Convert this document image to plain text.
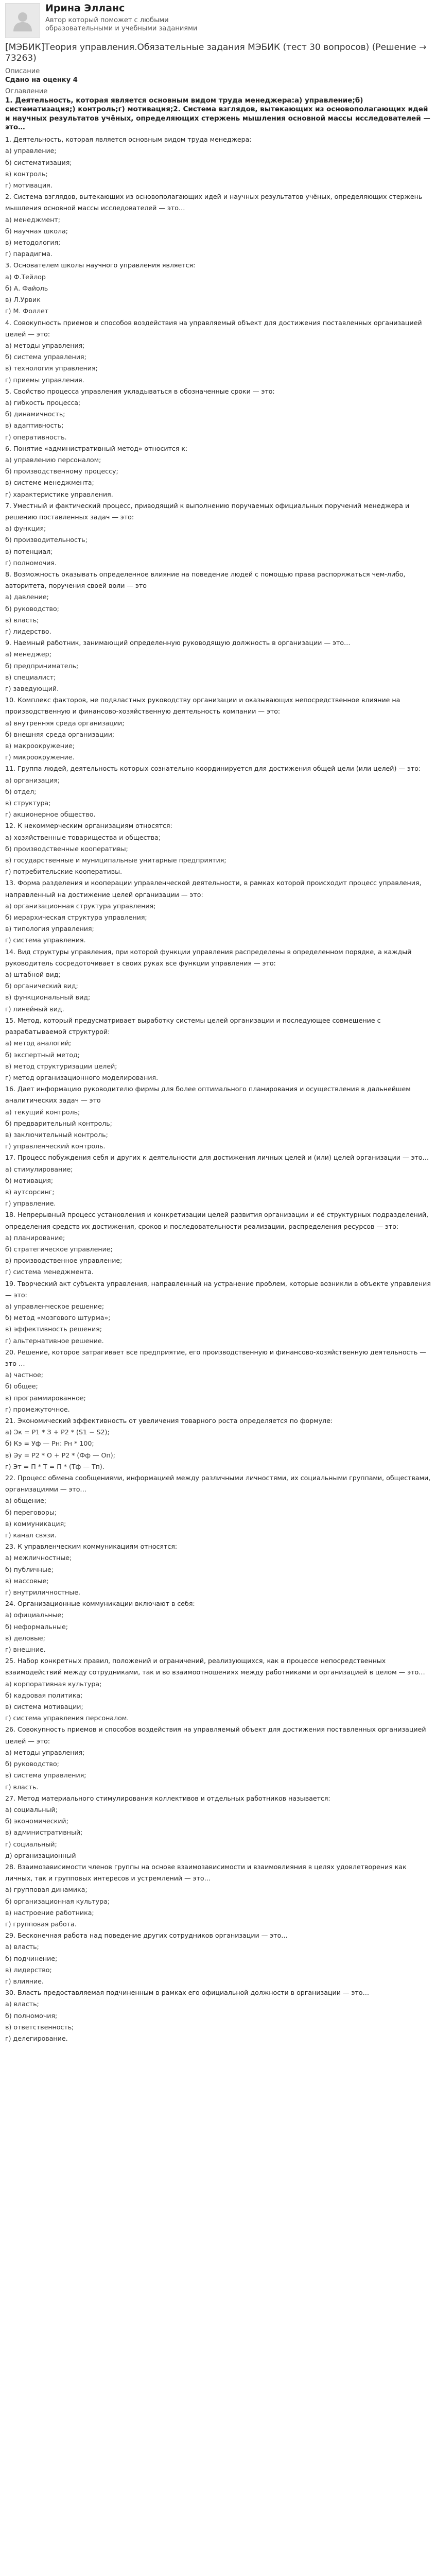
Ирина Элланс
Автор который поможет с любыми образовательными и учебными заданиями
[МЭБИК]Теория управления.Обязательные задания МЭБИК (тест 30 вопросов) (Решение → 73263)
Описание
Сдано на оценку 4
Оглавление
1. Деятельность, которая является основным видом труда менеджера:a) управление;б) систематизация;) контроль;г) мотивация;2. Система взглядов, вытекающих из основополагающих идей и научных результатов учёных, определяющих стержень мышления основной массы исследователей — это…
1. Деятельность, которая является основным видом труда менеджера:
а) управление;
б) систематизация;
в) контроль;
г) мотивация.
2. Система взглядов, вытекающих из основополагающих идей и научных результатов учёных, определяющих стержень мышления основной массы исследователей — это…
а) менеджмент;
б) научная школа;
в) методология;
г) парадигма.
3. Основателем школы научного управления является:
а) Ф.Тейлор
б) А. Файоль
в) Л.Урвик
г) М. Фоллет
4. Совокупность приемов и способов воздействия на управляемый объект для достижения поставленных организацией целей — это:
а) методы управления;
б) система управления;
в) технология управления;
г) приемы управления.
5. Свойство процесса управления укладываться в обозначенные сроки — это:
а) гибкость процесса;
б) динамичность;
в) адаптивность;
г) оперативность.
6. Понятие «административный метод» относится к:
а) управлению персоналом;
б) производственному процессу;
в) системе менеджмента;
г) характеристике управления.
7. Уместный и фактический процесс, приводящий к выполнению поручаемых официальных поручений менеджера и решению поставленных задач — это:
а) функция;
б) производительность;
в) потенциал;
г) полномочия.
8. Возможность оказывать определенное влияние на поведение людей с помощью права распоряжаться чем-либо, авторитета, поручения своей воли — это
а) давление;
б) руководство;
в) власть;
г) лидерство.
9. Наемный работник, занимающий определенную руководящую должность в организации — это…
а) менеджер;
б) предприниматель;
в) специалист;
г) заведующий.
10. Комплекс факторов, не подвластных руководству организации и оказывающих непосредственное влияние на производственную и финансово-хозяйственную деятельность компании — это:
а) внутренняя среда организации;
б) внешняя среда организации;
в) макроокружение;
г) микроокружение.
11. Группа людей, деятельность которых сознательно координируется для достижения общей цели (или целей) — это:
а) организация;
б) отдел;
в) структура;
г) акционерное общество.
12. К некоммерческим организациям относятся:
а) хозяйственные товарищества и общества;
б) производственные кооперативы;
в) государственные и муниципальные унитарные предприятия;
г) потребительские кооперативы.
13. Форма разделения и кооперации управленческой деятельности, в рамках которой происходит процесс управления, направленный на достижение целей организации — это:
а) организационная структура управления;
б) иерархическая структура управления;
в) типология управления;
г) система управления.
14. Вид структуры управления, при которой функции управления распределены в определенном порядке, а каждый руководитель сосредоточивает в своих руках все функции управления — это:
а) штабной вид;
б) органический вид;
в) функциональный вид;
г) линейный вид.
15. Метод, который предусматривает выработку системы целей организации и последующее совмещение с разрабатываемой структурой:
а) метод аналогий;
б) экспертный метод;
в) метод структуризации целей;
г) метод организационного моделирования.
16. Дает информацию руководителю фирмы для более оптимального планирования и осуществления в дальнейшем аналитических задач — это
а) текущий контроль;
б) предварительный контроль;
в) заключительный контроль;
г) управленческий контроль.
17. Процесс побуждения себя и других к деятельности для достижения личных целей и (или) целей организации — это…
а) стимулирование;
б) мотивация;
в) аутсорсинг;
г) управление.
18. Непрерывный процесс установления и конкретизации целей развития организации и её структурных подразделений, определения средств их достижения, сроков и последовательности реализации, распределения ресурсов — это:
а) планирование;
б) стратегическое управление;
в) производственное управление;
г) система менеджмента.
19. Творческий акт субъекта управления, направленный на устранение проблем, которые возникли в объекте управления — это:
а) управленческое решение;
б) метод «мозгового штурма»;
в) эффективность решения;
г) альтернативное решение.
20. Решение, которое затрагивает все предприятие, его производственную и финансово-хозяйственную деятельность — это …
а) частное;
б) общее;
в) программированное;
г) промежуточное.
21. Экономический эффективность от увеличения товарного роста определяется по формуле:
а) Эк = P1 * З + P2 * (S1 − S2);
б) Кэ = Уф — Рн: Рн * 100;
в) Эу = Р2 * О + Р2 * (Фф — Оп);
г) Эт = П * Т = П * (Тф — Тп).
22. Процесс обмена сообщениями, информацией между различными личностями, их социальными группами, обществами, организациями — это…
а) общение;
б) переговоры;
в) коммуникация;
г) канал связи.
23. К управленческим коммуникациям относятся:
а) межличностные;
б) публичные;
в) массовые;
г) внутриличностные.
24. Организационные коммуникации включают в себя:
а) официальные;
б) неформальные;
в) деловые;
г) внешние.
25. Набор конкретных правил, положений и ограничений, реализующихся, как в процессе непосредственных взаимодействий между сотрудниками, так и во взаимоотношениях между работниками и организацией в целом — это…
а) корпоративная культура;
б) кадровая политика;
в) система мотивации;
г) система управления персоналом.
26. Совокупность приемов и способов воздействия на управляемый объект для достижения поставленных организацией целей — это:
а) методы управления;
б) руководство;
в) система управления;
г) власть.
27. Метод материального стимулирования коллективов и отдельных работников называется:
а) социальный;
б) экономический;
в) административный;
г) социальный;
д) организационный
28. Взаимозависимости членов группы на основе взаимозависимости и взаимовлияния в целях удовлетворения как личных, так и групповых интересов и устремлений — это…
а) групповая динамика;
б) организационная культура;
в) настроение работника;
г) групповая работа.
29. Бесконечная работа над поведение других сотрудников организации — это…
а) власть;
б) подчинение;
в) лидерство;
г) влияние.
30. Власть предоставляемая подчиненным в рамках его официальной должности в организации — это…
а) власть;
б) полномочия;
в) ответственность;
г) делегирование.
